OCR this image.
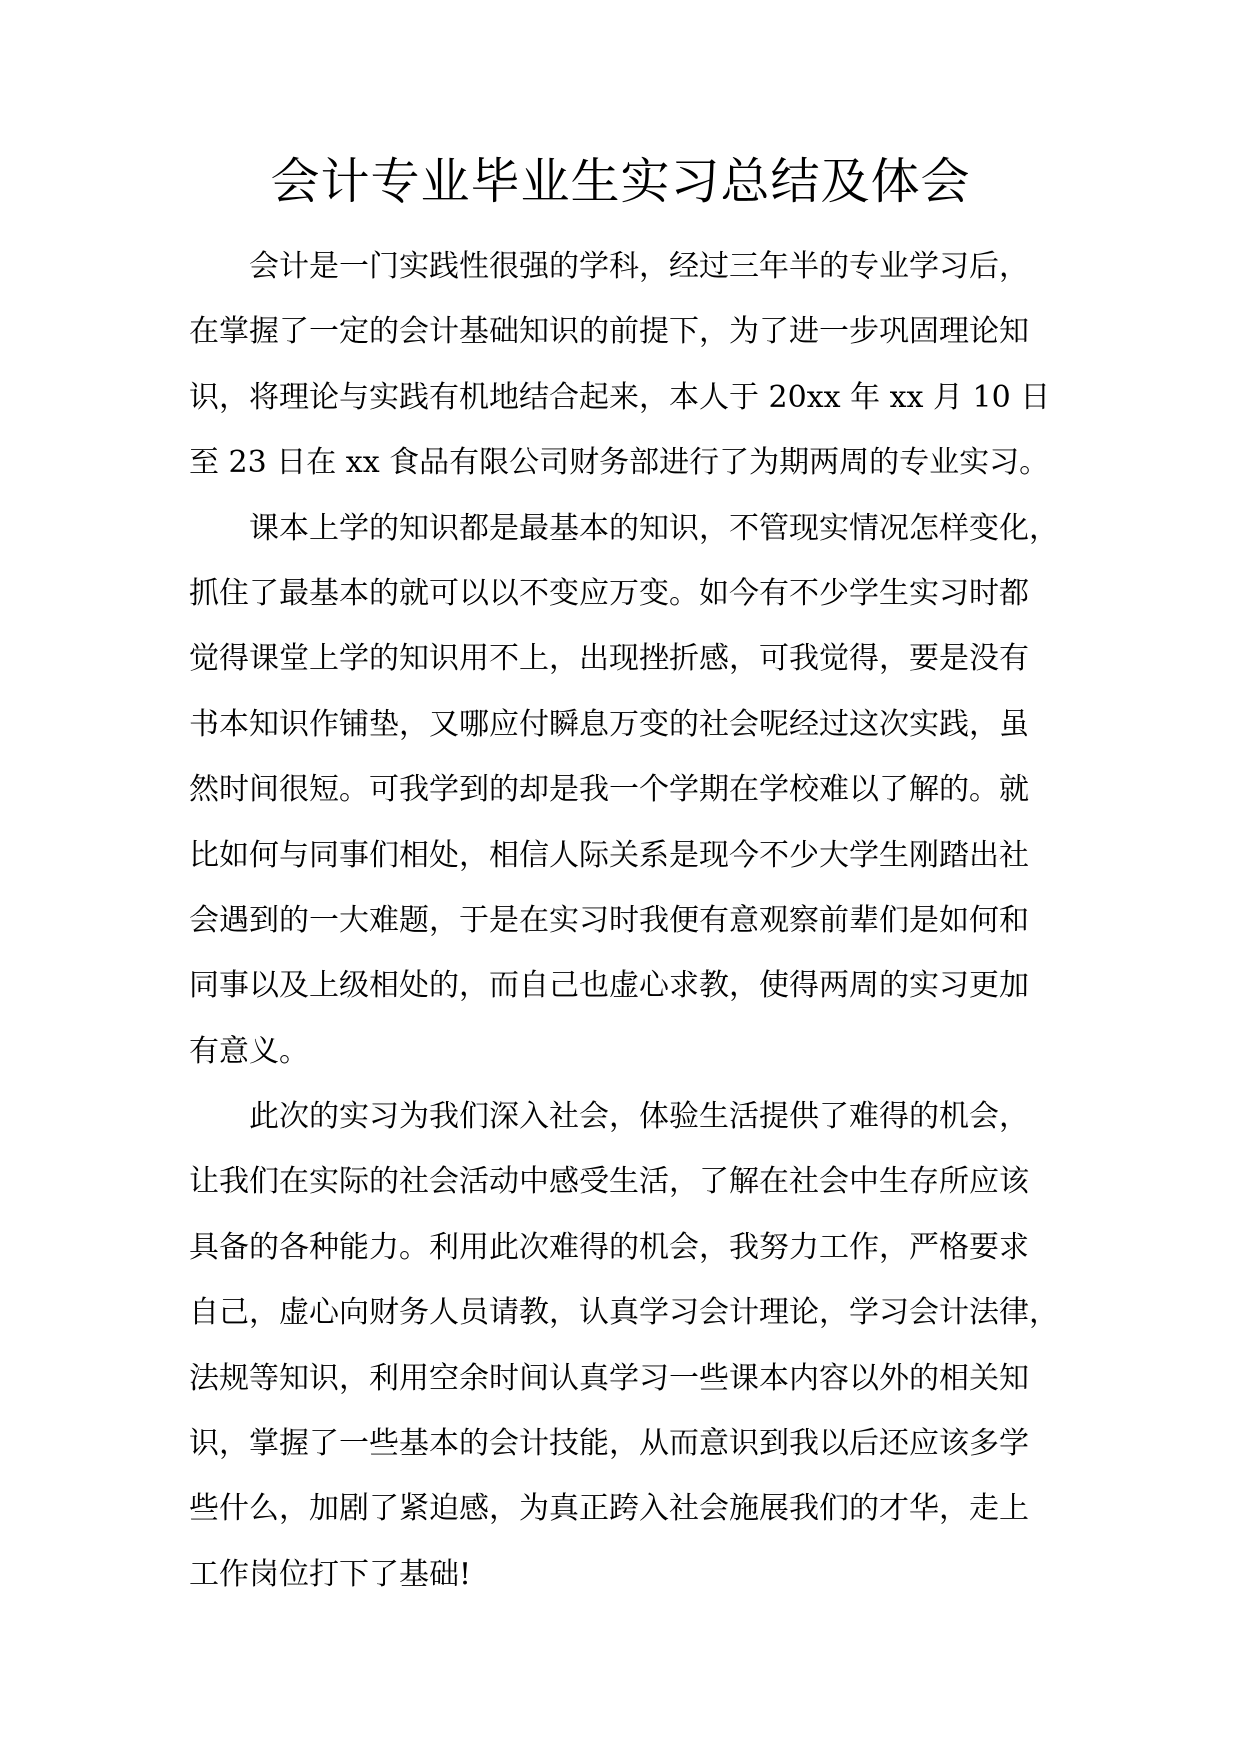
会计专业毕业生实习总结及体会
会计是一门实践性很强的学科，经过三年半的专业学习后，
在掌握了一定的会计基础知识的前提下，为了进一步巩固理论知
识，将理论与实践有机地结合起来，本人于 20xx 年 xx 月 10 日
至 23 日在 xx 食品有限公司财务部进行了为期两周的专业实习。
课本上学的知识都是最基本的知识，不管现实情况怎样变化，
抓住了最基本的就可以以不变应万变。如今有不少学生实习时都
觉得课堂上学的知识用不上，出现挫折感，可我觉得，要是没有
书本知识作铺垫，又哪应付瞬息万变的社会呢经过这次实践，虽
然时间很短。可我学到的却是我一个学期在学校难以了解的。就
比如何与同事们相处，相信人际关系是现今不少大学生刚踏出社
会遇到的一大难题，于是在实习时我便有意观察前辈们是如何和
同事以及上级相处的，而自己也虚心求教，使得两周的实习更加
有意义。
此次的实习为我们深入社会，体验生活提供了难得的机会，
让我们在实际的社会活动中感受生活，了解在社会中生存所应该
具备的各种能力。利用此次难得的机会，我努力工作，严格要求
自己，虚心向财务人员请教，认真学习会计理论，学习会计法律，
法规等知识，利用空余时间认真学习一些课本内容以外的相关知
识，掌握了一些基本的会计技能，从而意识到我以后还应该多学
些什么，加剧了紧迫感，为真正跨入社会施展我们的才华，走上
工作岗位打下了基础!
